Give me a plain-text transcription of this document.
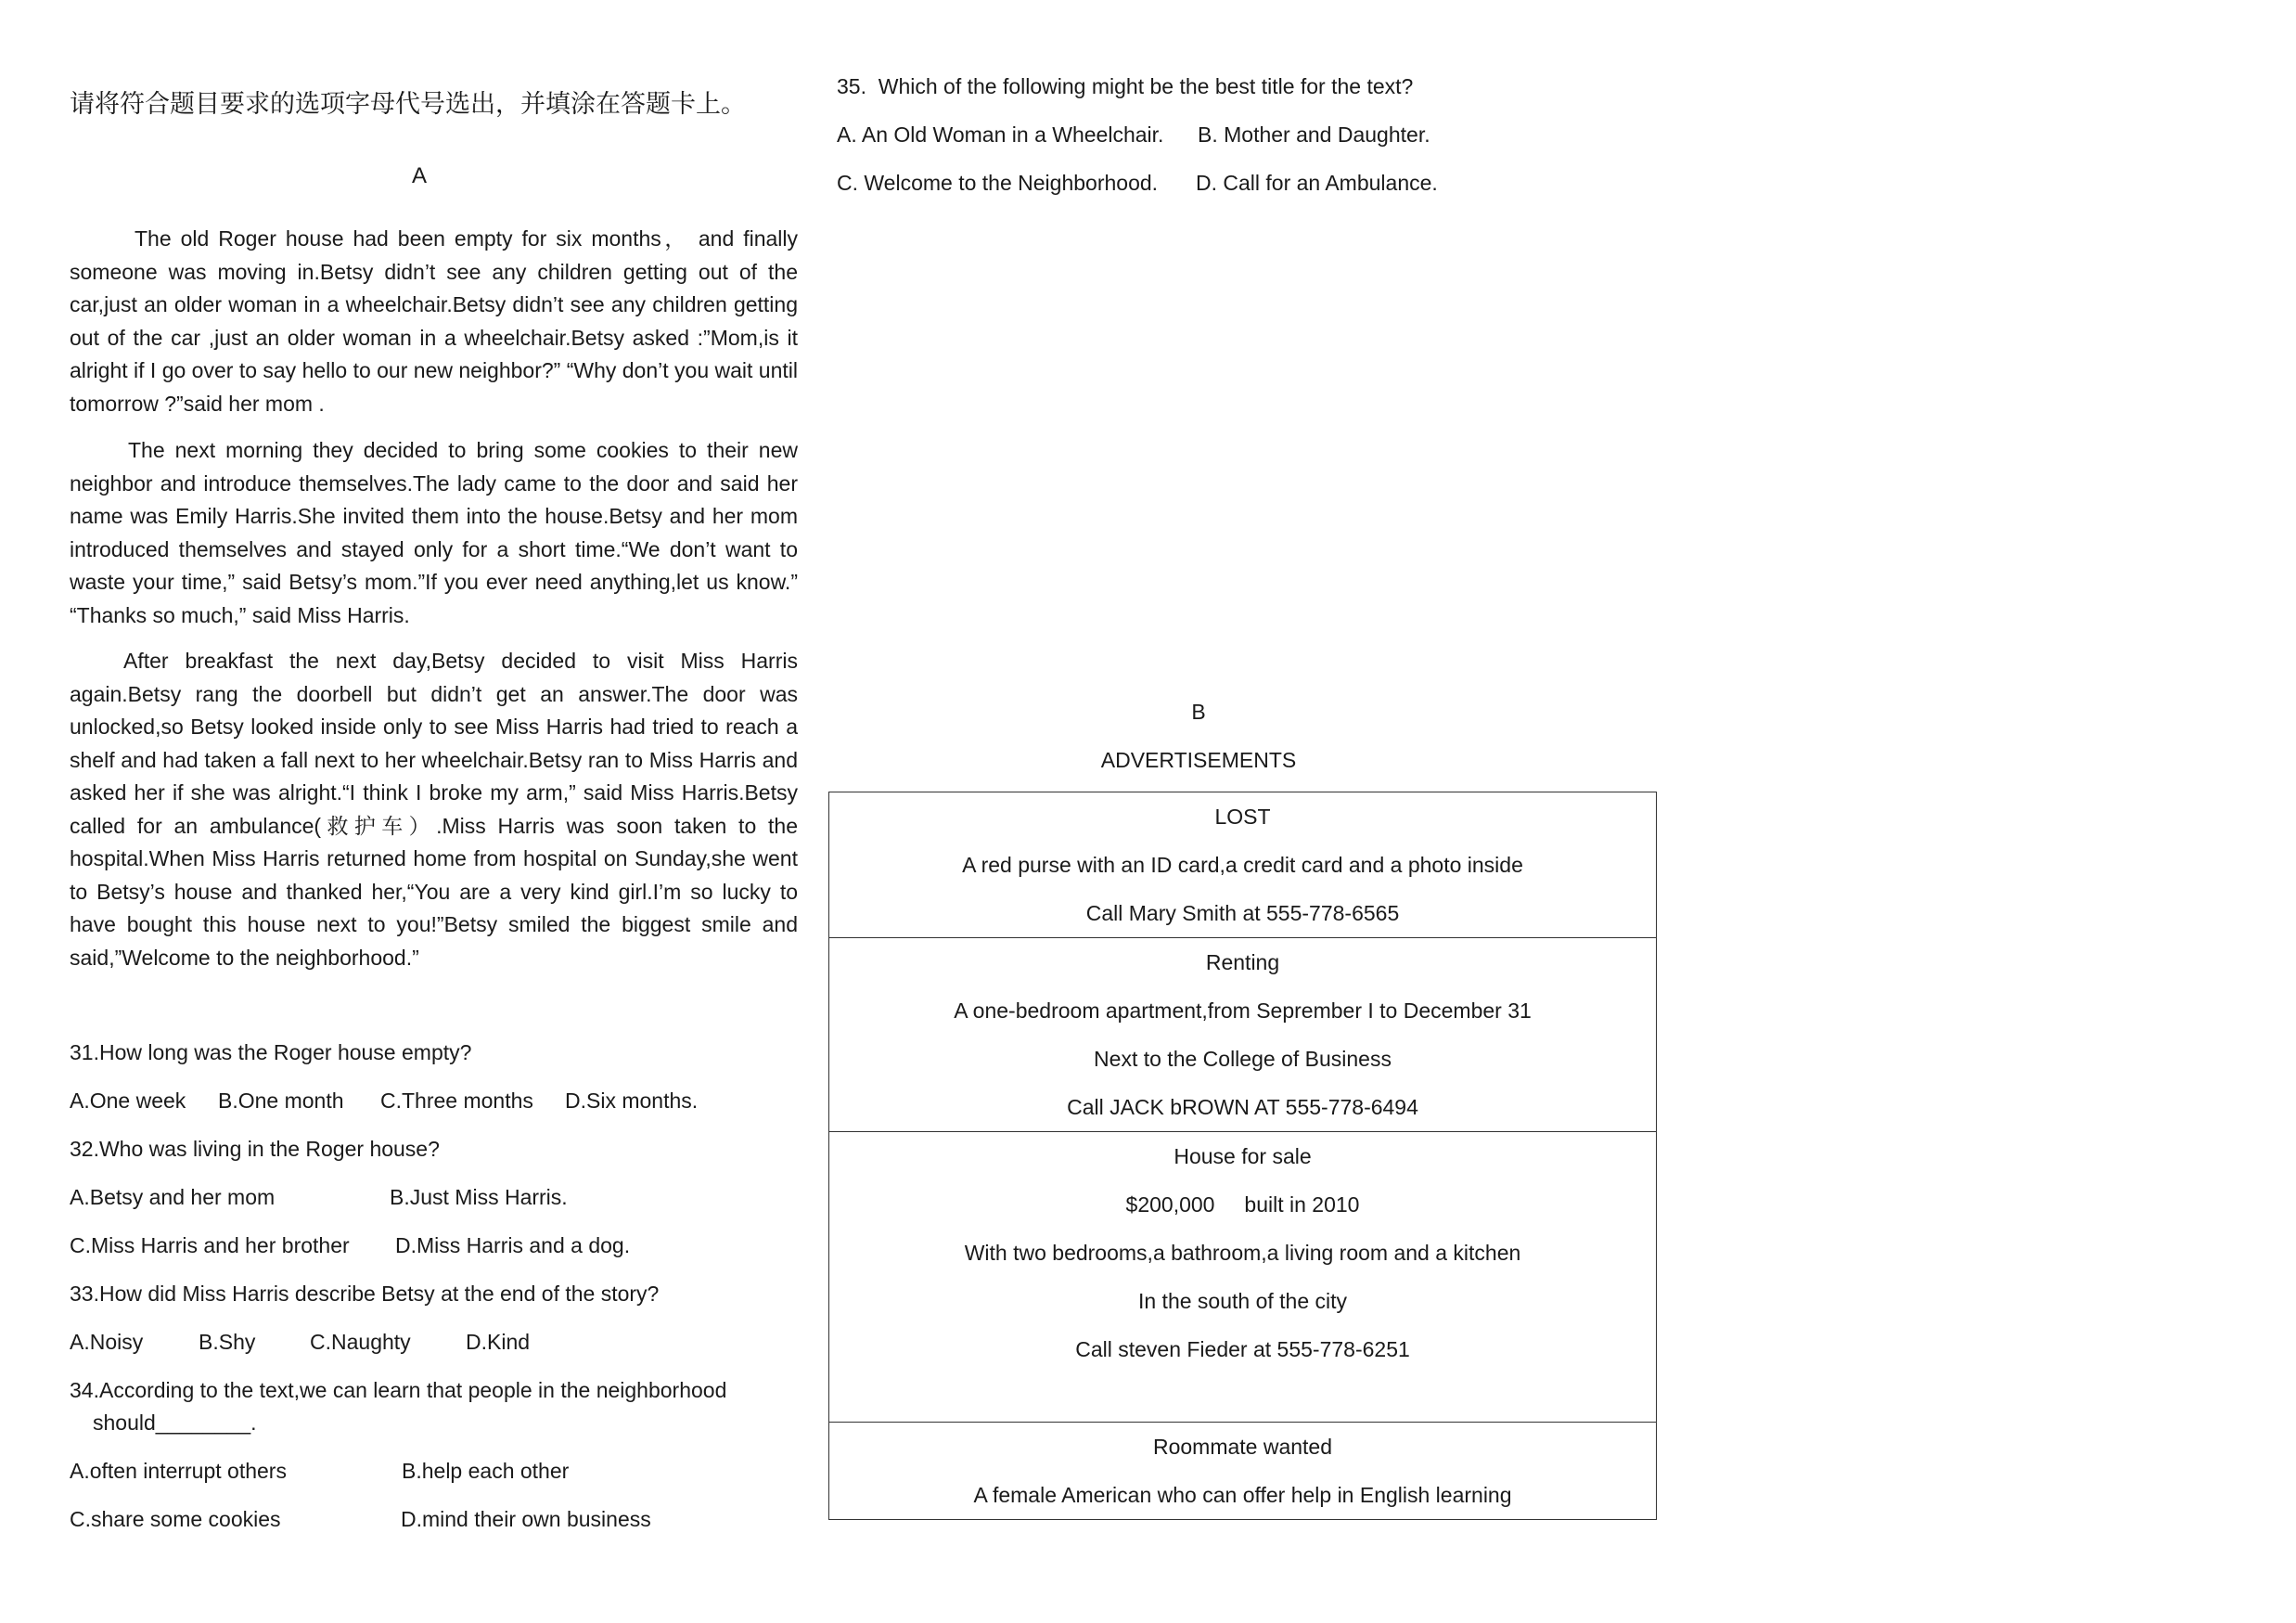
请将符合题目要求的选项字母代号选出，并填涂在答题卡上。
A

The old Roger house had been empty for six months， and finally someone was moving in.Betsy didn’t see any children getting out of the car,just an older woman in a wheelchair.Betsy didn’t see any children getting out of the car ,just an older woman in a wheelchair.Betsy asked :”Mom,is it alright if I go over to say hello to our new neighbor?” “Why don’t you wait until tomorrow ?”said her mom .

The next morning they decided to bring some cookies to their new neighbor and introduce themselves.The lady came to the door and said her name was Emily Harris.She invited them into the house.Betsy and her mom introduced themselves and stayed only for a short time.“We don’t want to waste your time,” said Betsy’s mom.”If you ever need anything,let us know.” “Thanks so much,” said Miss Harris.

After breakfast the next day,Betsy decided to visit Miss Harris again.Betsy rang the doorbell but didn’t get an answer.The door was unlocked,so Betsy looked inside only to see Miss Harris had tried to reach a shelf and had taken a fall next to her wheelchair.Betsy ran to Miss Harris and asked her if she was alright.“I think I broke my arm,” said Miss Harris.Betsy called for an ambulance(救护车）.Miss Harris was soon taken to the hospital.When Miss Harris returned home from hospital on Sunday,she went to Betsy’s house and thanked her,“You are a very kind girl.I’m so lucky to have bought this house next to you!”Betsy smiled the biggest smile and said,”Welcome to the neighborhood.”

31.How long was the Roger house empty?
A.One week B.One month C.Three months D.Six months.
32.Who was living in the Roger house?
A.Betsy and her mom	B.Just Miss Harris.
C.Miss Harris and her brother D.Miss Harris and a dog.
33.How did Miss Harris describe Betsy at the end of the story?
A.Noisy	B.Shy	C.Naughty	D.Kind
34.According to the text,we can learn that people in the neighborhood
should________.
A.often interrupt others	B.help each other
C.share some cookies	D.mind their own business
35.  Which of the following might be the best title for the text?
A. An Old Woman in a Wheelchair. B. Mother and Daughter.
C. Welcome to the Neighborhood. D. Call for an Ambulance.
B
ADVERTISEMENTS
LOST
A red purse with an ID card,a credit card and a photo inside
Call Mary Smith at 555-778-6565
Renting
A one-bedroom apartment,from Seprember I to December 31
Next to the College of Business
Call JACK bROWN AT 555-778-6494
House for sale
$200,000     built in 2010
With two bedrooms,a bathroom,a living room and a kitchen
In the south of the city
Call steven Fieder at 555-778-6251
Roommate wanted
A female American who can offer help in English learning
